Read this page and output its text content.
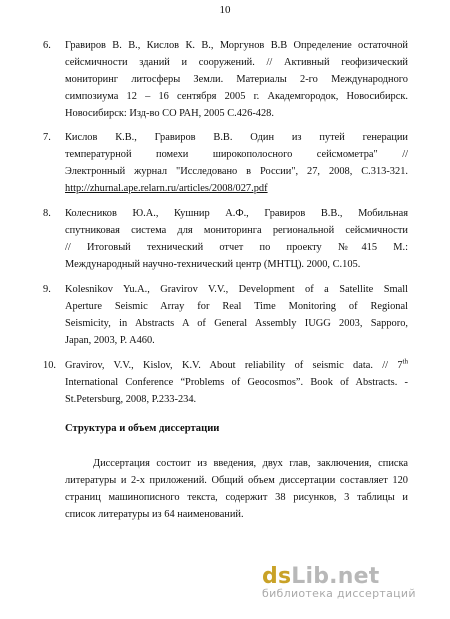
10
6. Гравиров В. В., Кислов К. В., Моргунов В.В Определение остаточной
сейсмичности зданий и сооружений. // Активный геофизический
мониторинг литосферы Земли. Материалы 2-го Международного
симпозиума 12 – 16 сентября 2005 г. Академгородок, Новосибирск.
Новосибирск: Изд-во СО РАН, 2005 С.426-428.
7. Кислов К.В., Гравиров В.В. Один из путей генерации
температурной помехи широкополосного сейсмометра" //
Электронный журнал "Исследовано в России", 27, 2008, С.313-321.
http://zhurnal.ape.relarn.ru/articles/2008/027.pdf
8. Колесников Ю.А., Кушнир А.Ф., Гравиров В.В., Мобильная
спутниковая система для мониторинга региональной сейсмичности
// Итоговый технический отчет по проекту №415 М.:
Международный научно-технический центр (МНТЦ). 2000, С.105.
9. Kolesnikov Yu.A., Gravirov V.V., Development of a Satellite Small
Aperture Seismic Array for Real Time Monitoring of Regional
Seismicity, in Abstracts A of General Assembly IUGG 2003, Sapporo,
Japan, 2003, P. A460.
10. Gravirov, V.V., Kislov, K.V. About reliability of seismic data. // 7th
International Conference “Problems of Geocosmos”. Book of Abstracts. -
St.Petersburg, 2008, P.233-234.
Структура и объем диссертации
Диссертация состоит из введения, двух глав, заключения, списка
литературы и 2-х приложений. Общий объем диссертации составляет 120
страниц машинописного текста, содержит 38 рисунков, 3 таблицы и
список литературы из 64 наименований.
dsLib.net
библиотека диссертаций
